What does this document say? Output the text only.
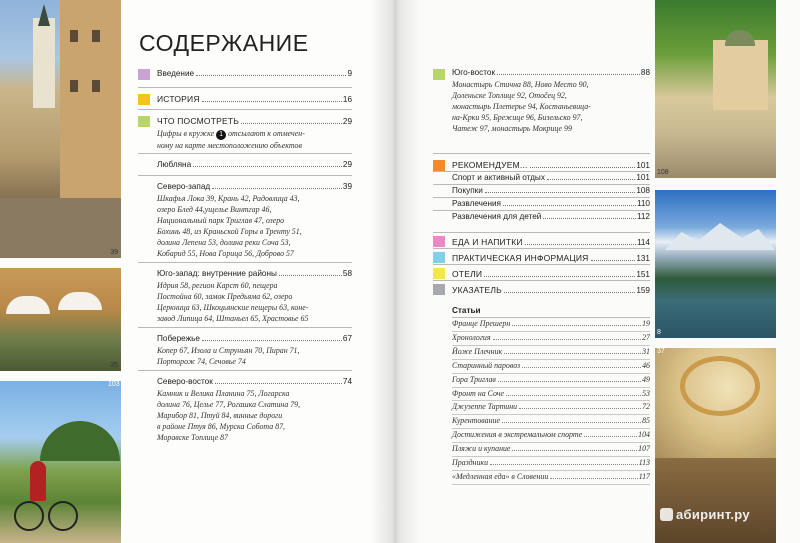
39
35
103
108
8
37
СОДЕРЖАНИЕ
Введение	9
ИСТОРИЯ	16
ЧТО ПОСМОТРЕТЬ	29
Цифры в кружке 1 отсылают к отмечен-
ному на карте местоположению объектов
Любляна	29
Северо-запад	39
Шкафья Лока 39, Крань 42, Радовлица 43,
озеро Блед 44,ущелье Винтгар 46,
Национальный парк Триглав 47, озеро
Бохинь 48, из Краньской Горы в Тренту 51,
долина Лепена 53, долина реки Соча 53,
Кобарид 55, Нова Горица 56, Доброво 57
Юго-запад: внутренние районы	58
Идрия 58, регион Карст 60, пещера
Постойна 60, замок Предьяма 62, озеро
Церкница 63, Шкоцьянские пещеры 63, конe-
завод Липица 64, Штаньел 65, Храстовье 65
Побережье	67
Копер 67, Изола и Струньян 70, Пиран 71,
Порторож 74, Сечовье 74
Северо-восток	74
Камник и Велика Планина 75, Логарска
долина 76, Целье 77, Рогашка Слатина 79,
Марибор 81, Птуй 84, винные дороги
в районе Птуя 86, Мурска Собота 87,
Моравске Топлице 87
Юго-восток	88
Монастырь Стична 88, Ново Место 90,
Доленьске Топлице 92, Отočец 92,
монастырь Плетерье 94, Костаньевица-
на-Крки 95, Брежице 96, Бизельско 97,
Чатеж 97, монастырь Мокрице 99
РЕКОМЕНДУЕМ...	101
Спорт и активный отдых	101
Покупки	108
Развлечения	110
Развлечения для детей	112
ЕДА И НАПИТКИ	114
ПРАКТИЧЕСКАЯ ИНФОРМАЦИЯ	131
ОТЕЛИ	151
УКАЗАТЕЛЬ	159
Статьи
Франце Прешерн	19
Хронология	27
Йоже Плечник	31
Старинный паровоз	46
Гора Триглав	49
Фронт на Соче	53
Джузеппе Тартини	72
Курентование	85
Достижения в экстремальном спорте	104
Пляжи и купание	107
Праздники	113
«Медленная еда» в Словении	117
абиринт.ру
